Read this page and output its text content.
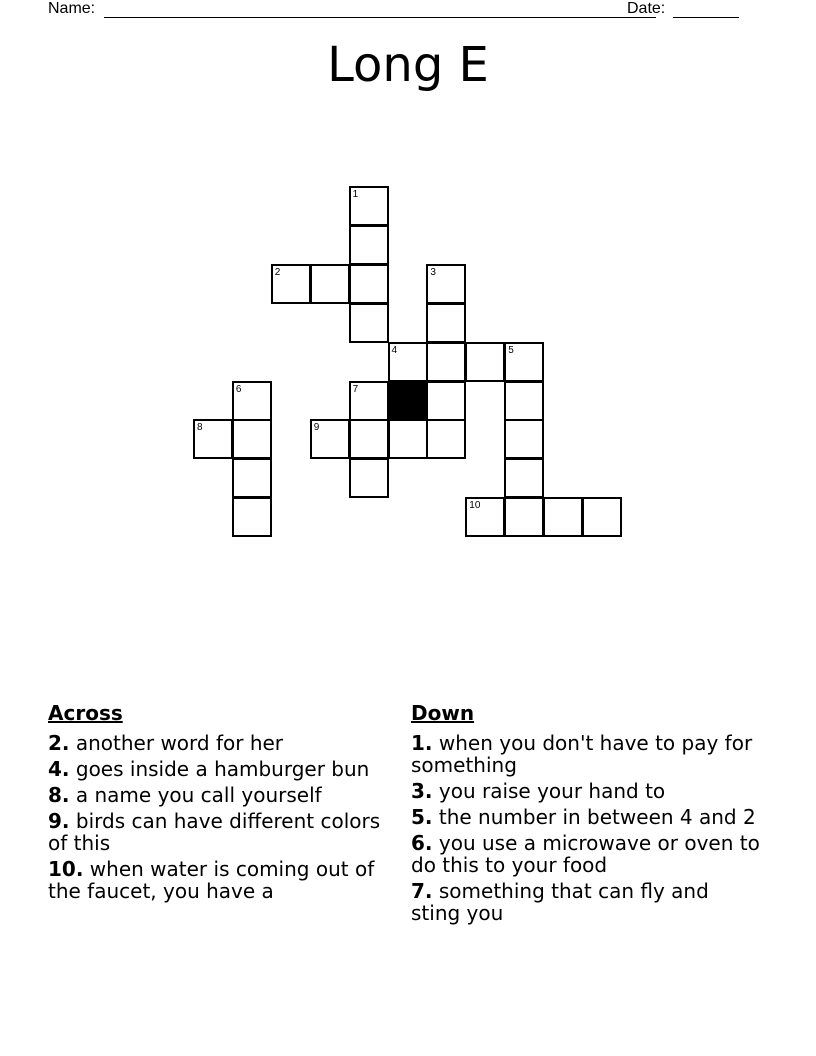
Name:	Date:
Long E
1
2	3
4	5
6	7
8	9
10
Across
2. another word for her
4. goes inside a hamburger bun
8. a name you call yourself
9. birds can have different colors of this
10. when water is coming out of the faucet, you have a
Down
1. when you don't have to pay for something
3. you raise your hand to
5. the number in between 4 and 2
6. you use a microwave or oven to do this to your food
7. something that can fly and sting you
